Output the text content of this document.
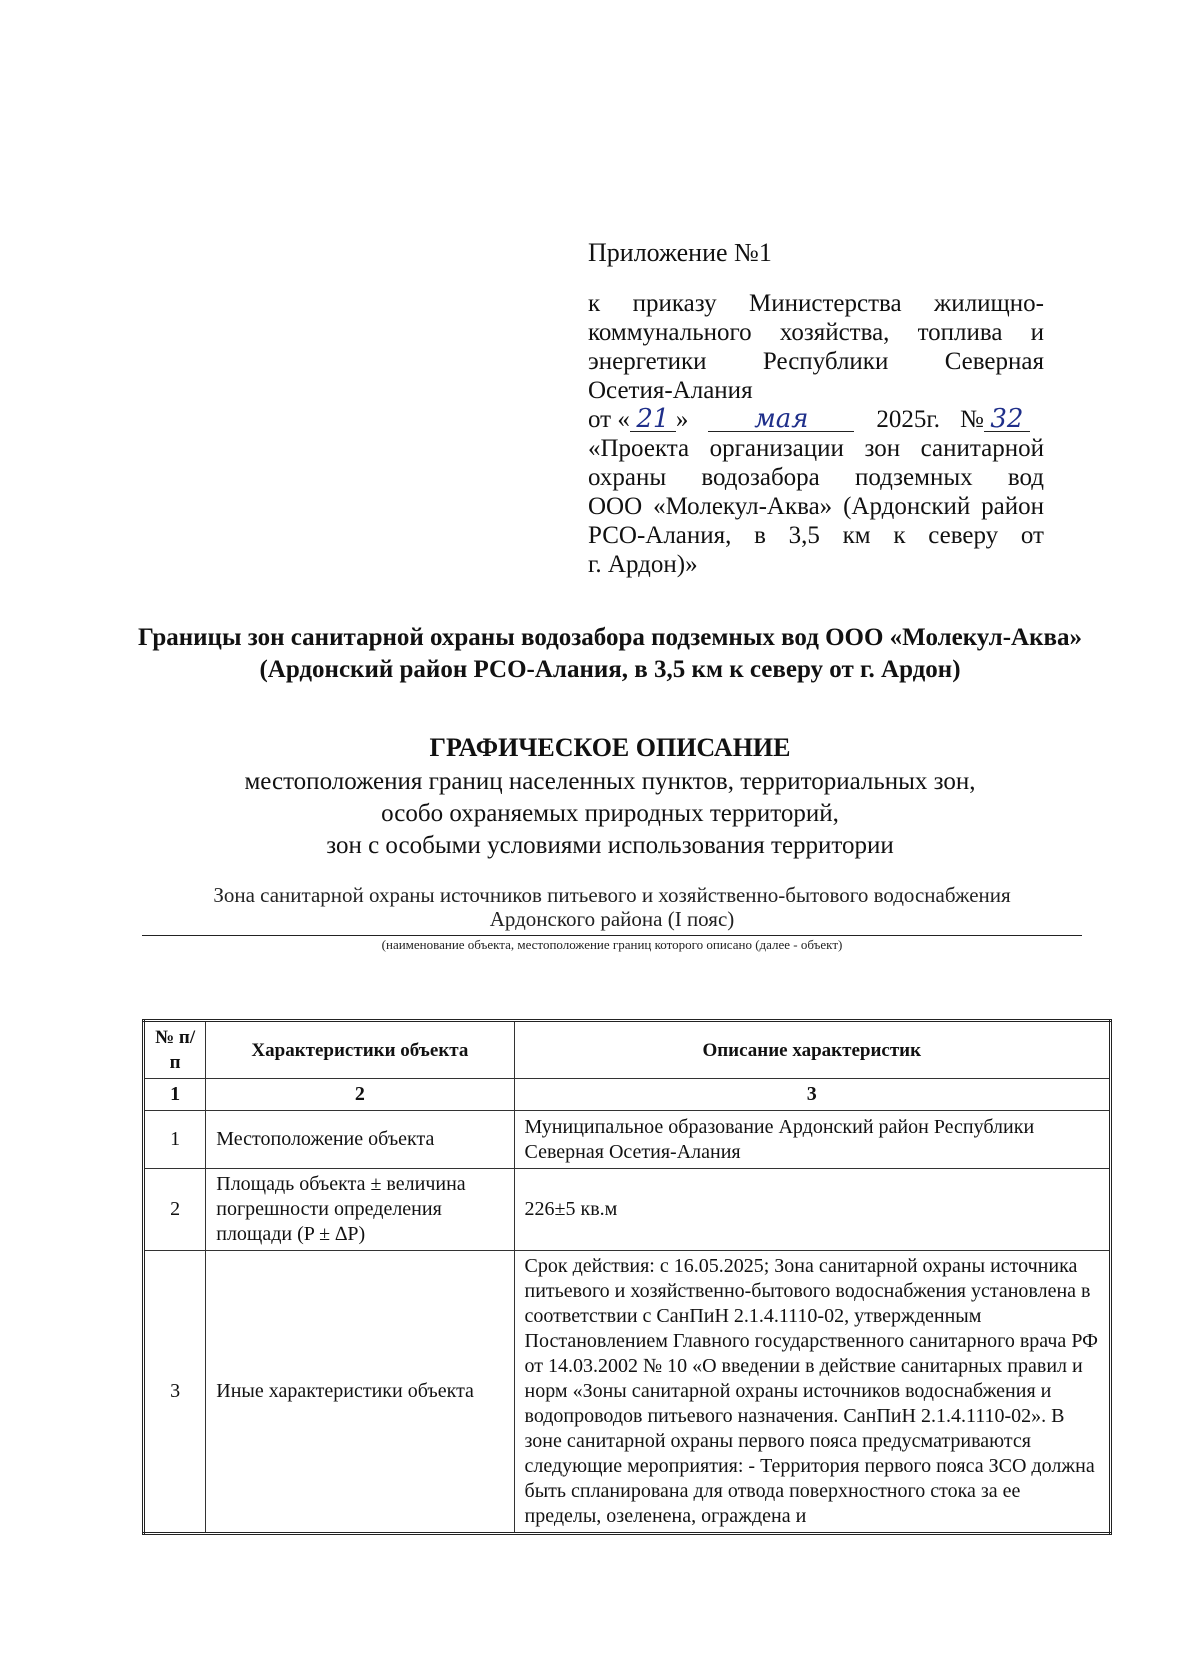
Приложение №1
к приказу Министерства жилищно-
коммунального хозяйства, топлива и
энергетики Республики Северная
Осетия-Алания
от « 21 »	мая	2025г. № 32
«Проекта организации зон санитарной
охраны водозабора подземных вод
ООО «Молекул-Аква» (Ардонский район
РСО-Алания, в 3,5 км к северу от
г. Ардон)»
Границы зон санитарной охраны водозабора подземных вод ООО «Молекул-Аква»
(Ардонский район РСО-Алания, в 3,5 км к северу от г. Ардон)
ГРАФИЧЕСКОЕ ОПИСАНИЕ
местоположения границ населенных пунктов, территориальных зон,
особо охраняемых природных территорий,
зон с особыми условиями использования территории
Зона санитарной охраны источников питьевого и хозяйственно-бытового водоснабжения
Ардонского района (I пояс)
(наименование объекта, местоположение границ которого описано (далее - объект)
№ п/п	Характеристики объекта	Описание характеристик
1	2	3
1	Местоположение объекта	Муниципальное образование Ардонский район Республики Северная Осетия-Алания
2	Площадь объекта ± величина погрешности определения площади (P ± ∆P)	226±5 кв.м
3	Иные характеристики объекта	Срок действия: с 16.05.2025; Зона санитарной охраны источника питьевого и хозяйственно-бытового водоснабжения установлена в соответствии с СанПиН 2.1.4.1110-02, утвержденным Постановлением Главного государственного санитарного врача РФ от 14.03.2002 № 10 «О введении в действие санитарных правил и норм «Зоны санитарной охраны источников водоснабжения и водопроводов питьевого назначения. СанПиН 2.1.4.1110-02». В зоне санитарной охраны первого пояса предусматриваются следующие мероприятия: - Территория первого пояса ЗСО должна быть спланирована для отвода поверхностного стока за ее пределы, озеленена, ограждена и
